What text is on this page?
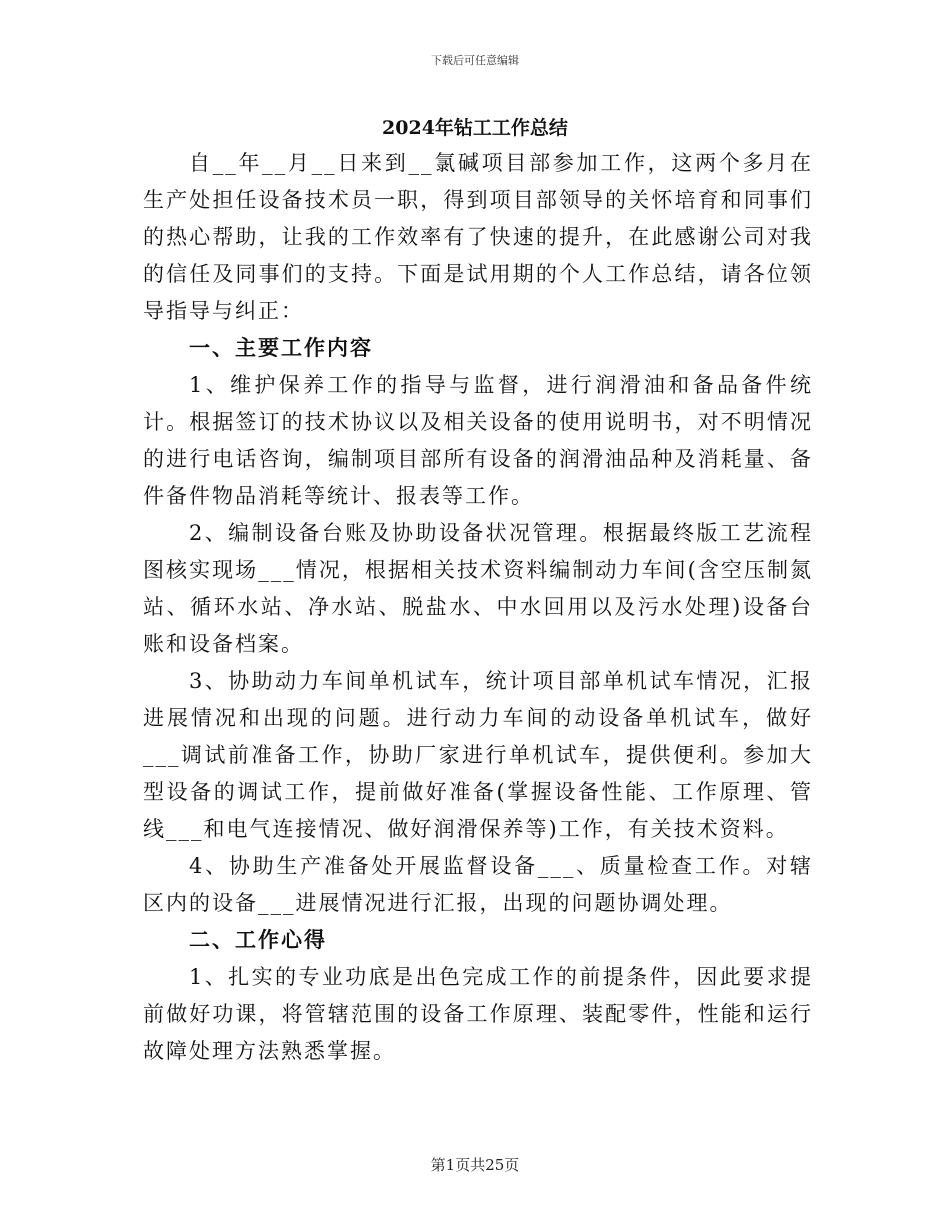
下载后可任意编辑
2024年钻工工作总结

自__年__月__日来到__氯碱项目部参加工作，这两个多月在生产处担任设备技术员一职，得到项目部领导的关怀培育和同事们的热心帮助，让我的工作效率有了快速的提升，在此感谢公司对我的信任及同事们的支持。下面是试用期的个人工作总结，请各位领导指导与纠正：

一、主要工作内容

1、维护保养工作的指导与监督，进行润滑油和备品备件统计。根据签订的技术协议以及相关设备的使用说明书，对不明情况的进行电话咨询，编制项目部所有设备的润滑油品种及消耗量、备件备件物品消耗等统计、报表等工作。

2、编制设备台账及协助设备状况管理。根据最终版工艺流程图核实现场___情况，根据相关技术资料编制动力车间(含空压制氮站、循环水站、净水站、脱盐水、中水回用以及污水处理)设备台账和设备档案。

3、协助动力车间单机试车，统计项目部单机试车情况，汇报进展情况和出现的问题。进行动力车间的动设备单机试车，做好___调试前准备工作，协助厂家进行单机试车，提供便利。参加大型设备的调试工作，提前做好准备(掌握设备性能、工作原理、管线___和电气连接情况、做好润滑保养等)工作，有关技术资料。

4、协助生产准备处开展监督设备___、质量检查工作。对辖区内的设备___进展情况进行汇报，出现的问题协调处理。

二、工作心得

1、扎实的专业功底是出色完成工作的前提条件，因此要求提前做好功课，将管辖范围的设备工作原理、装配零件，性能和运行故障处理方法熟悉掌握。

第1页共25页
